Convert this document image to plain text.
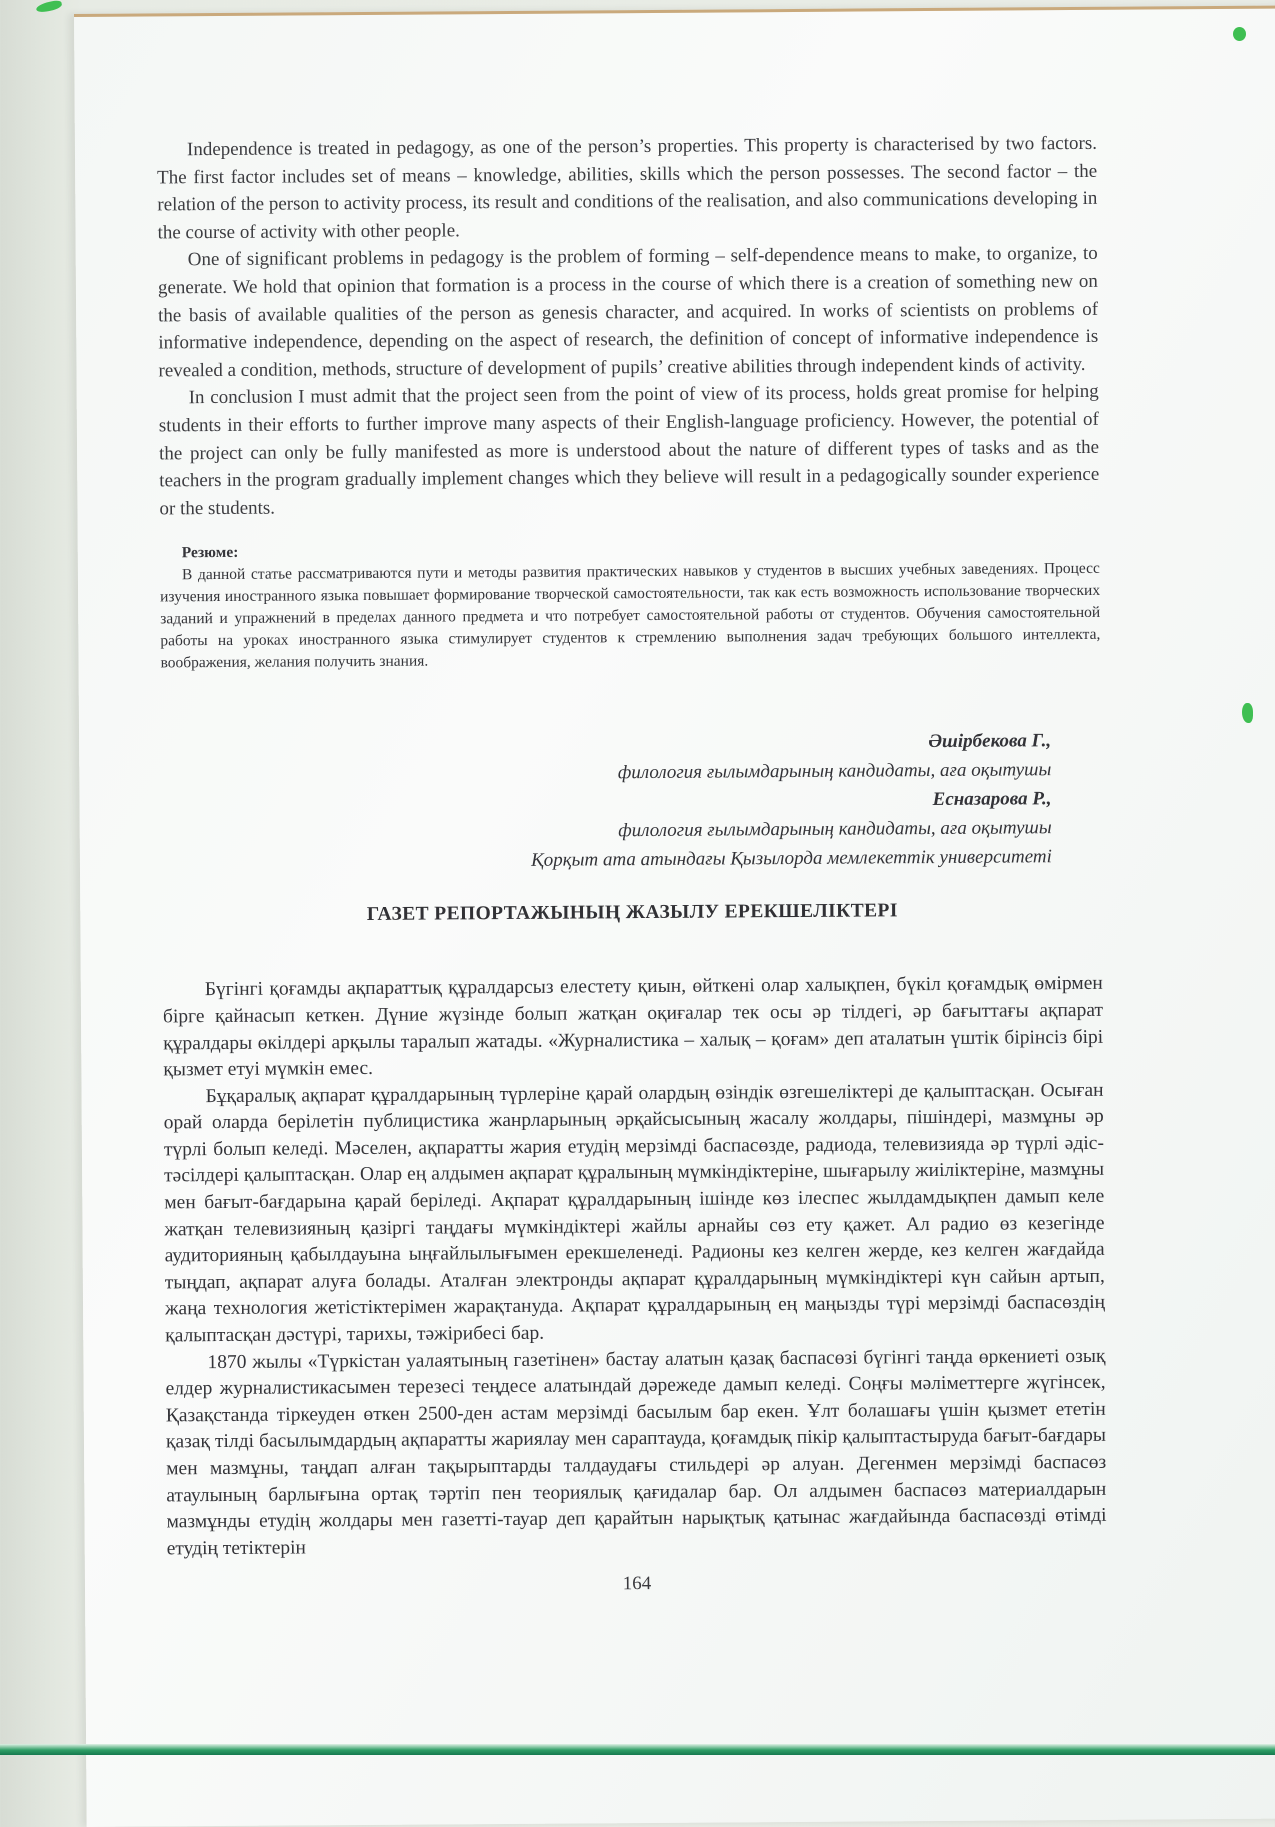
Independence is treated in pedagogy, as one of the person’s properties. This property is characterised by two factors. The first factor includes set of means – knowledge, abilities, skills which the person possesses. The second factor – the relation of the person to activity process, its result and conditions of the realisation, and also communications developing in the course of activity with other people.

One of significant problems in pedagogy is the problem of forming – self-dependence means to make, to organize, to generate. We hold that opinion that formation is a process in the course of which there is a creation of something new on the basis of available qualities of the person as genesis character, and acquired. In works of scientists on problems of informative independence, depending on the aspect of research, the definition of concept of informative independence is revealed a condition, methods, structure of development of pupils’ creative abilities through independent kinds of activity.

In conclusion I must admit that the project seen from the point of view of its process, holds great promise for helping students in their efforts to further improve many aspects of their English-language proficiency. However, the potential of the project can only be fully manifested as more is understood about the nature of different types of tasks and as the teachers in the program gradually implement changes which they believe will result in a pedagogically sounder experience or the students.

Резюме:

В данной статье рассматриваются пути и методы развития практических навыков у студентов в высших учебных заведениях. Процесс изучения иностранного языка повышает формирование творческой самостоятельности, так как есть возможность использование творческих заданий и упражнений в пределах данного предмета и что потребует самостоятельной работы от студентов. Обучения самостоятельной работы на уроках иностранного языка стимулирует студентов к стремлению выполнения задач требующих большого интеллекта, воображения, желания получить знания.

Әшірбекова Г.,
филология ғылымдарының кандидаты, аға оқытушы
Есназарова Р.,
филология ғылымдарының кандидаты, аға оқытушы
Қорқыт ата атындағы Қызылорда мемлекеттік университеті
ГАЗЕТ РЕПОРТАЖЫНЫҢ ЖАЗЫЛУ ЕРЕКШЕЛІКТЕРІ

Бүгінгі қоғамды ақпараттық құралдарсыз елестету қиын, өйткені олар халықпен, бүкіл қоғамдық өмірмен бірге қайнасып кеткен. Дүние жүзінде болып жатқан оқиғалар тек осы әр тілдегі, әр бағыттағы ақпарат құралдары өкілдері арқылы таралып жатады. «Журналистика – халық – қоғам» деп аталатын үштік бірінсіз бірі қызмет етуі мүмкін емес.

Бұқаралық ақпарат құралдарының түрлеріне қарай олардың өзіндік өзгешеліктері де қалыптасқан. Осыған орай оларда берілетін публицистика жанрларының әрқайсысының жасалу жолдары, пішіндері, мазмұны әр түрлі болып келеді. Мәселен, ақпаратты жария етудің мерзімді баспасөзде, радиода, телевизияда әр түрлі әдіс-тәсілдері қалыптасқан. Олар ең алдымен ақпарат құралының мүмкіндіктеріне, шығарылу жиіліктеріне, мазмұны мен бағыт-бағдарына қарай беріледі. Ақпарат құралдарының ішінде көз ілеспес жылдамдықпен дамып келе жатқан телевизияның қазіргі таңдағы мүмкіндіктері жайлы арнайы сөз ету қажет. Ал радио өз кезегінде аудиторияның қабылдауына ыңғайлылығымен ерекшеленеді. Радионы кез келген жерде, кез келген жағдайда тыңдап, ақпарат алуға болады. Аталған электронды ақпарат құралдарының мүмкіндіктері күн сайын артып, жаңа технология жетістіктерімен жарақтануда. Ақпарат құралдарының ең маңызды түрі мерзімді баспасөздің қалыптасқан дәстүрі, тарихы, тәжірибесі бар.

1870 жылы «Түркістан уалаятының газетінен» бастау алатын қазақ баспасөзі бүгінгі таңда өркениеті озық елдер журналистикасымен терезесі теңдесе алатындай дәрежеде дамып келеді. Соңғы мәліметтерге жүгінсек, Қазақстанда тіркеуден өткен 2500-ден астам мерзімді басылым бар екен. Ұлт болашағы үшін қызмет ететін қазақ тілді басылымдардың ақпаратты жариялау мен сараптауда, қоғамдық пікір қалыптастыруда бағыт-бағдары мен мазмұны, таңдап алған тақырыптарды талдаудағы стильдері әр алуан. Дегенмен мерзімді баспасөз атаулының барлығына ортақ тәртіп пен теориялық қағидалар бар. Ол алдымен баспасөз материалдарын мазмұнды етудің жолдары мен газетті-тауар деп қарайтын нарықтық қатынас жағдайында баспасөзді өтімді етудің тетіктерін

164
